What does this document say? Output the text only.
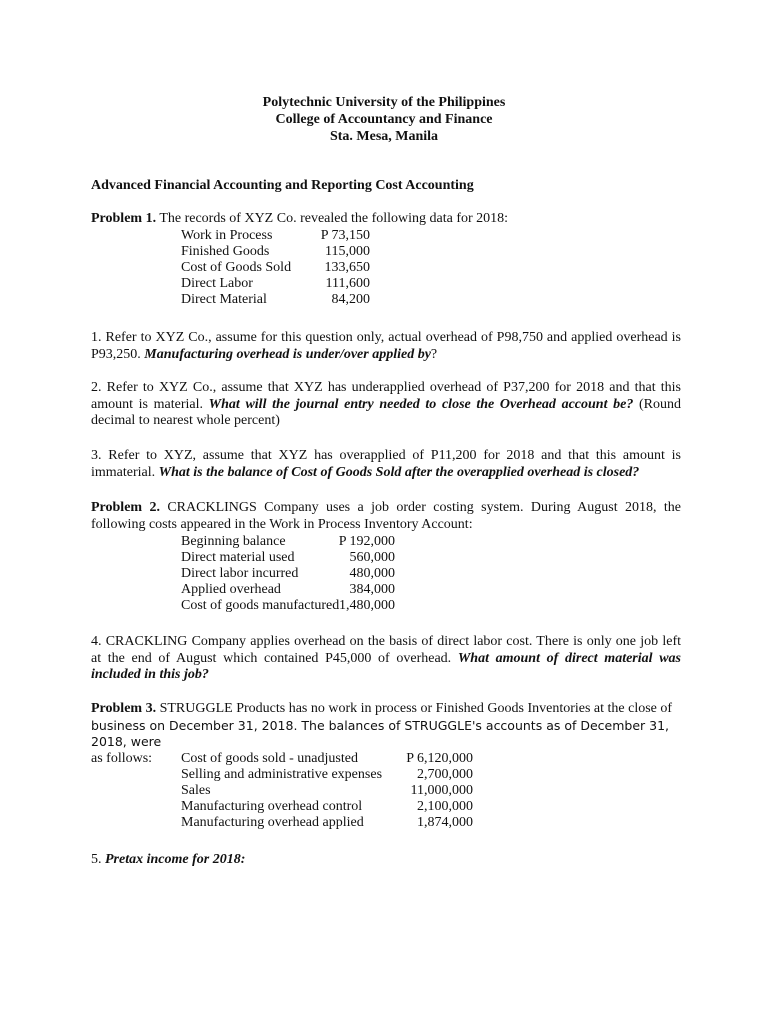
Polytechnic University of the Philippines
College of Accountancy and Finance
Sta. Mesa, Manila
Advanced Financial Accounting and Reporting Cost Accounting
Problem 1. The records of XYZ Co. revealed the following data for 2018:
Work in Process	P 73,150
Finished Goods	115,000
Cost of Goods Sold	133,650
Direct Labor	111,600
Direct Material	84,200
1. Refer to XYZ Co., assume for this question only, actual overhead of P98,750 and applied overhead is P93,250. Manufacturing overhead is under/over applied by?
2. Refer to XYZ Co., assume that XYZ has underapplied overhead of P37,200 for 2018 and that this amount is material. What will the journal entry needed to close the Overhead account be? (Round decimal to nearest whole percent)
3. Refer to XYZ, assume that XYZ has overapplied of P11,200 for 2018 and that this amount is immaterial. What is the balance of Cost of Goods Sold after the overapplied overhead is closed?
Problem 2. CRACKLINGS Company uses a job order costing system. During August 2018, the following costs appeared in the Work in Process Inventory Account:
Beginning balance	P 192,000
Direct material used	560,000
Direct labor incurred	480,000
Applied overhead	384,000
Cost of goods manufactured 1,480,000
4. CRACKLING Company applies overhead on the basis of direct labor cost. There is only one job left at the end of August which contained P45,000 of overhead. What amount of direct material was included in this job?
Problem 3. STRUGGLE Products has no work in process or Finished Goods Inventories at the close of
business on December 31, 2018. The balances of STRUGGLE's accounts as of December 31, 2018, were
as follows:	Cost of goods sold - unadjusted	P 6,120,000
Selling and administrative expenses	2,700,000
Sales	11,000,000
Manufacturing overhead control	2,100,000
Manufacturing overhead applied	1,874,000
5. Pretax income for 2018:
